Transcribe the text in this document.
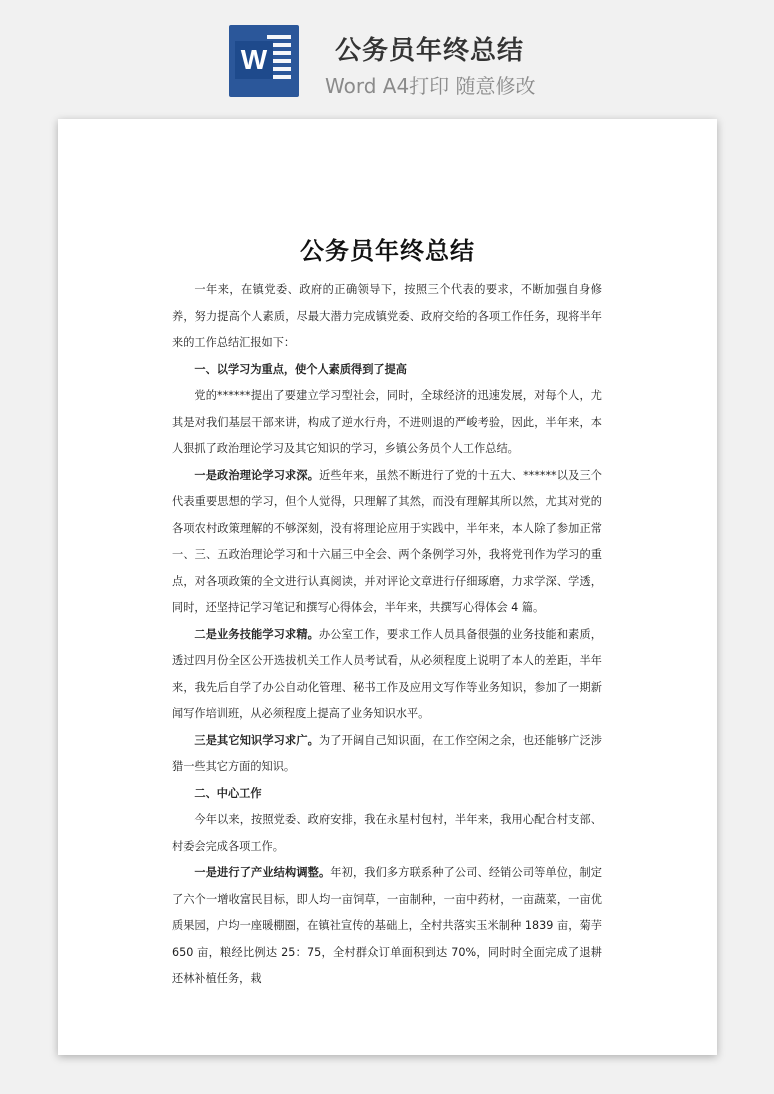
W	公务员年终总结
Word A4打印 随意修改
公务员年终总结

一年来，在镇党委、政府的正确领导下，按照三个代表的要求，不断加强自身修养，努力提高个人素质，尽最大潜力完成镇党委、政府交给的各项工作任务，现将半年来的工作总结汇报如下：

一、以学习为重点，使个人素质得到了提高

党的******提出了要建立学习型社会，同时，全球经济的迅速发展，对每个人，尤其是对我们基层干部来讲，构成了逆水行舟，不进则退的严峻考验，因此，半年来，本人狠抓了政治理论学习及其它知识的学习，乡镇公务员个人工作总结。

一是政治理论学习求深。近些年来，虽然不断进行了党的十五大、******以及三个代表重要思想的学习，但个人觉得，只理解了其然，而没有理解其所以然，尤其对党的各项农村政策理解的不够深刻，没有将理论应用于实践中，半年来，本人除了参加正常一、三、五政治理论学习和十六届三中全会、两个条例学习外，我将党刊作为学习的重点，对各项政策的全文进行认真阅读，并对评论文章进行仔细琢磨，力求学深、学透，同时，还坚持记学习笔记和撰写心得体会，半年来，共撰写心得体会 4 篇。

二是业务技能学习求精。办公室工作，要求工作人员具备很强的业务技能和素质，透过四月份全区公开选拔机关工作人员考试看，从必须程度上说明了本人的差距，半年来，我先后自学了办公自动化管理、秘书工作及应用文写作等业务知识，参加了一期新闻写作培训班，从必须程度上提高了业务知识水平。

三是其它知识学习求广。为了开阔自己知识面，在工作空闲之余，也还能够广泛涉猎一些其它方面的知识。

二、中心工作

今年以来，按照党委、政府安排，我在永星村包村，半年来，我用心配合村支部、村委会完成各项工作。

一是进行了产业结构调整。年初，我们多方联系种了公司、经销公司等单位，制定了六个一增收富民目标，即人均一亩饲草，一亩制种，一亩中药材，一亩蔬菜，一亩优质果园，户均一座暖棚圈，在镇社宣传的基础上，全村共落实玉米制种 1839 亩，菊芋 650 亩，粮经比例达 25：75，全村群众订单面积到达 70%，同时时全面完成了退耕还林补植任务，栽
